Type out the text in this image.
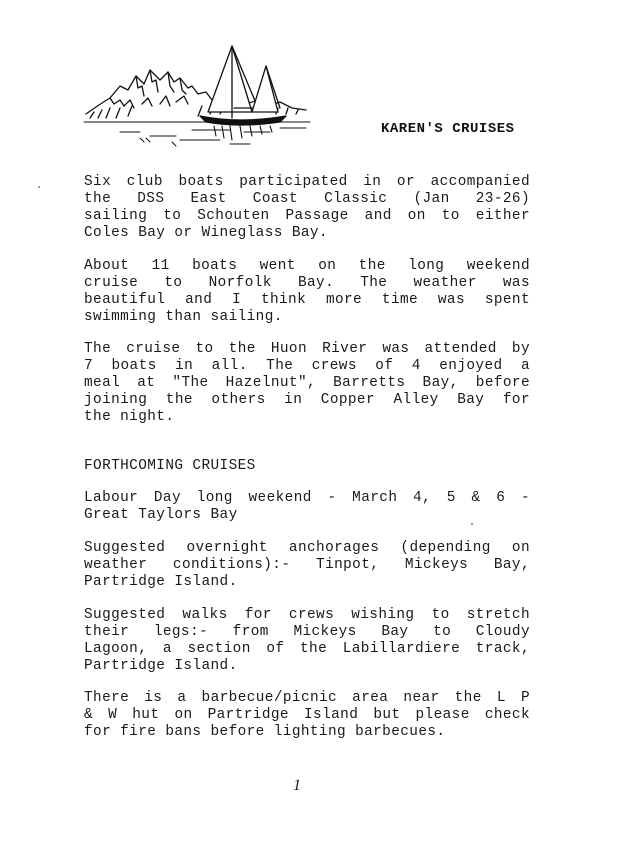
KAREN'S CRUISES

Six club boats participated in or accompanied
the DSS East Coast Classic (Jan 23-26)
sailing to Schouten Passage and on to either
Coles Bay or Wineglass Bay.

About 11 boats went on the long weekend
cruise to Norfolk Bay. The weather was
beautiful and I think more time was spent
swimming than sailing.

The cruise to the Huon River was attended by
7 boats in all. The crews of 4 enjoyed a
meal at "The Hazelnut", Barretts Bay, before
joining the others in Copper Alley Bay for
the night.

FORTHCOMING CRUISES

Labour Day long weekend - March 4, 5 & 6 -
Great Taylors Bay

Suggested overnight anchorages (depending on
weather conditions):- Tinpot, Mickeys Bay,
Partridge Island.

Suggested walks for crews wishing to stretch
their legs:- from Mickeys Bay to Cloudy
Lagoon, a section of the Labillardiere track,
Partridge Island.

There is a barbecue/picnic area near the L P
& W hut on Partridge Island but please check
for fire bans before lighting barbecues.

1
